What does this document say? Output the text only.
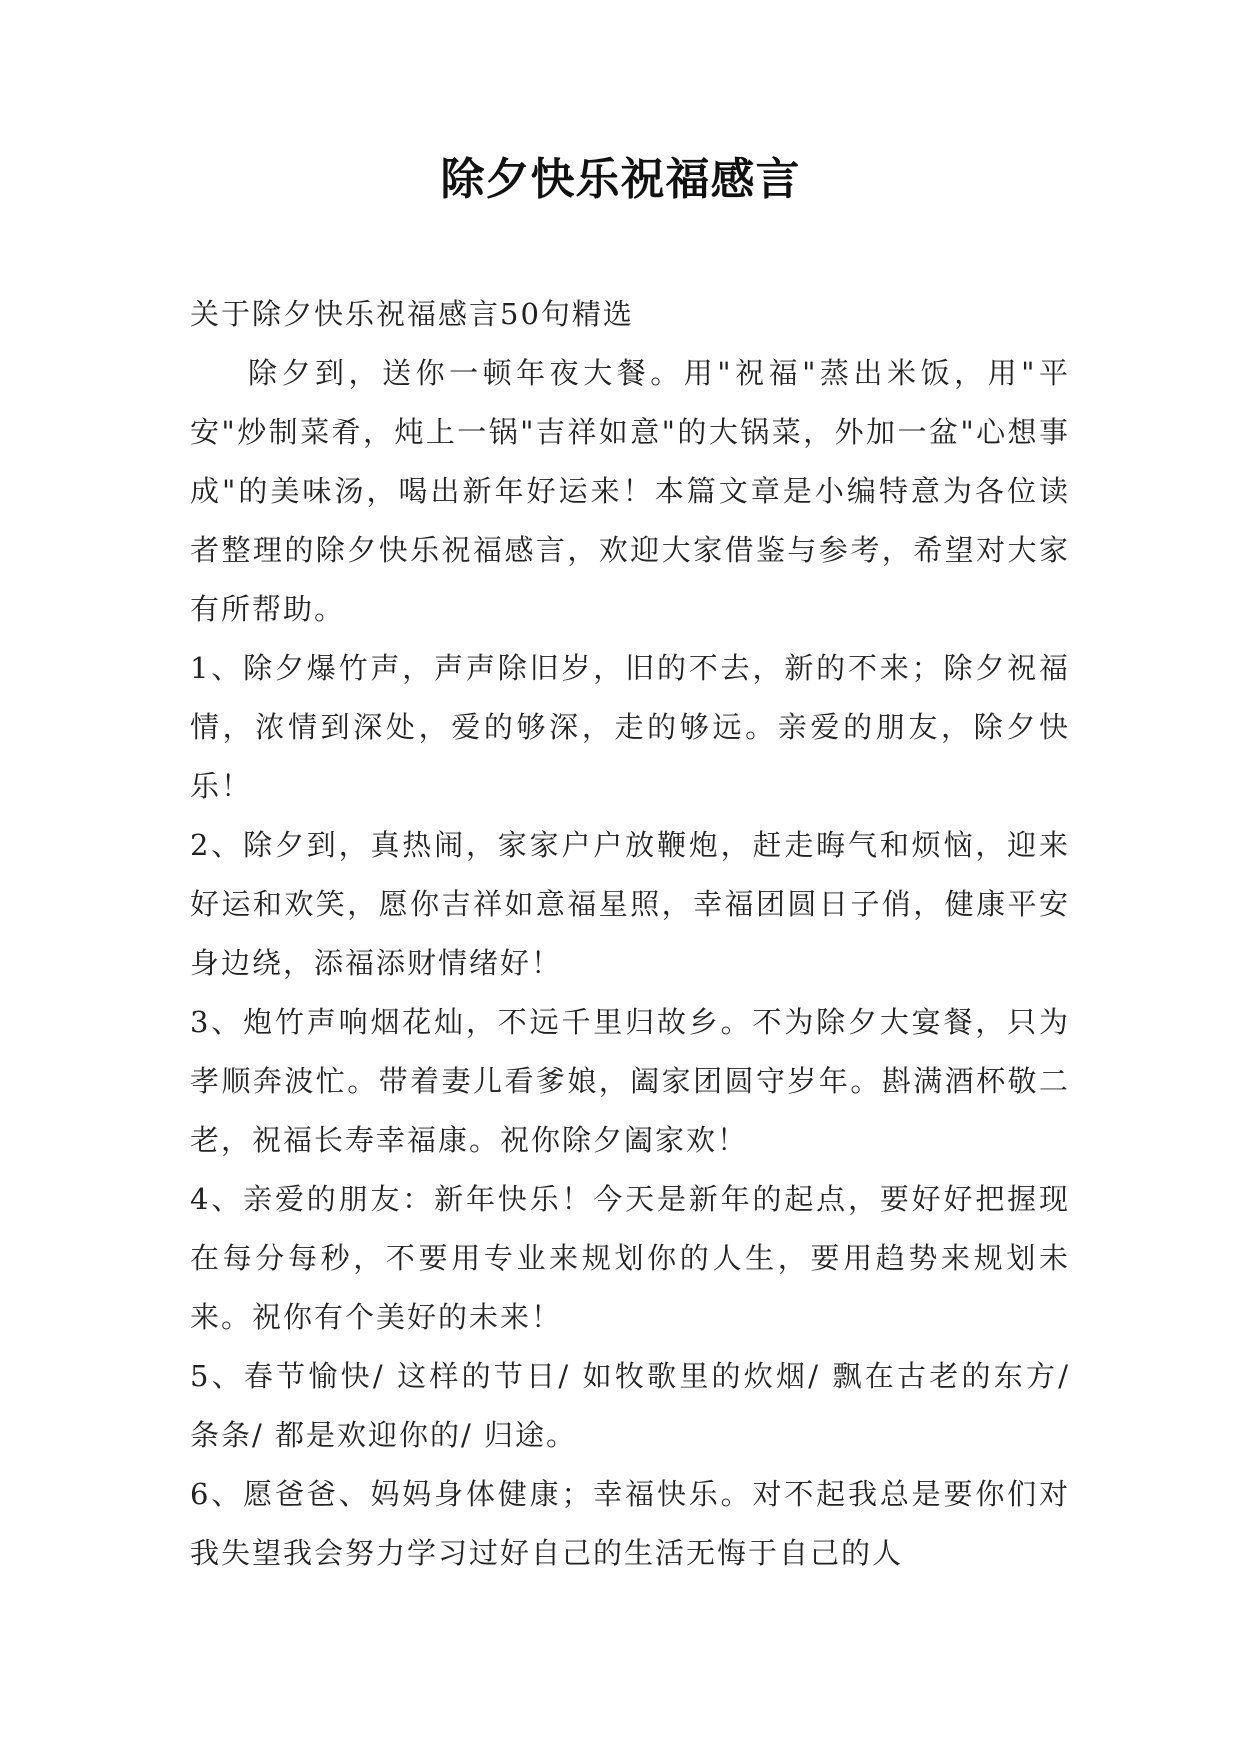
除夕快乐祝福感言

关于除夕快乐祝福感言50句精选

除夕到，送你一顿年夜大餐。用"祝福"蒸出米饭，用"平安"炒制菜肴，炖上一锅"吉祥如意"的大锅菜，外加一盆"心想事成"的美味汤，喝出新年好运来！本篇文章是小编特意为各位读者整理的除夕快乐祝福感言，欢迎大家借鉴与参考，希望对大家有所帮助。

1、除夕爆竹声，声声除旧岁，旧的不去，新的不来；除夕祝福情，浓情到深处，爱的够深，走的够远。亲爱的朋友，除夕快乐！

2、除夕到，真热闹，家家户户放鞭炮，赶走晦气和烦恼，迎来好运和欢笑，愿你吉祥如意福星照，幸福团圆日子俏，健康平安身边绕，添福添财情绪好！

3、炮竹声响烟花灿，不远千里归故乡。不为除夕大宴餐，只为孝顺奔波忙。带着妻儿看爹娘，阖家团圆守岁年。斟满酒杯敬二老，祝福长寿幸福康。祝你除夕阖家欢！

4、亲爱的朋友：新年快乐！今天是新年的起点，要好好把握现在每分每秒，不要用专业来规划你的人生，要用趋势来规划未来。祝你有个美好的未来！

5、春节愉快/ 这样的节日/ 如牧歌里的炊烟/ 飘在古老的东方/ 条条/ 都是欢迎你的/ 归途。

6、愿爸爸、妈妈身体健康；幸福快乐。对不起我总是要你们对我失望我会努力学习过好自己的生活无悔于自己的人
